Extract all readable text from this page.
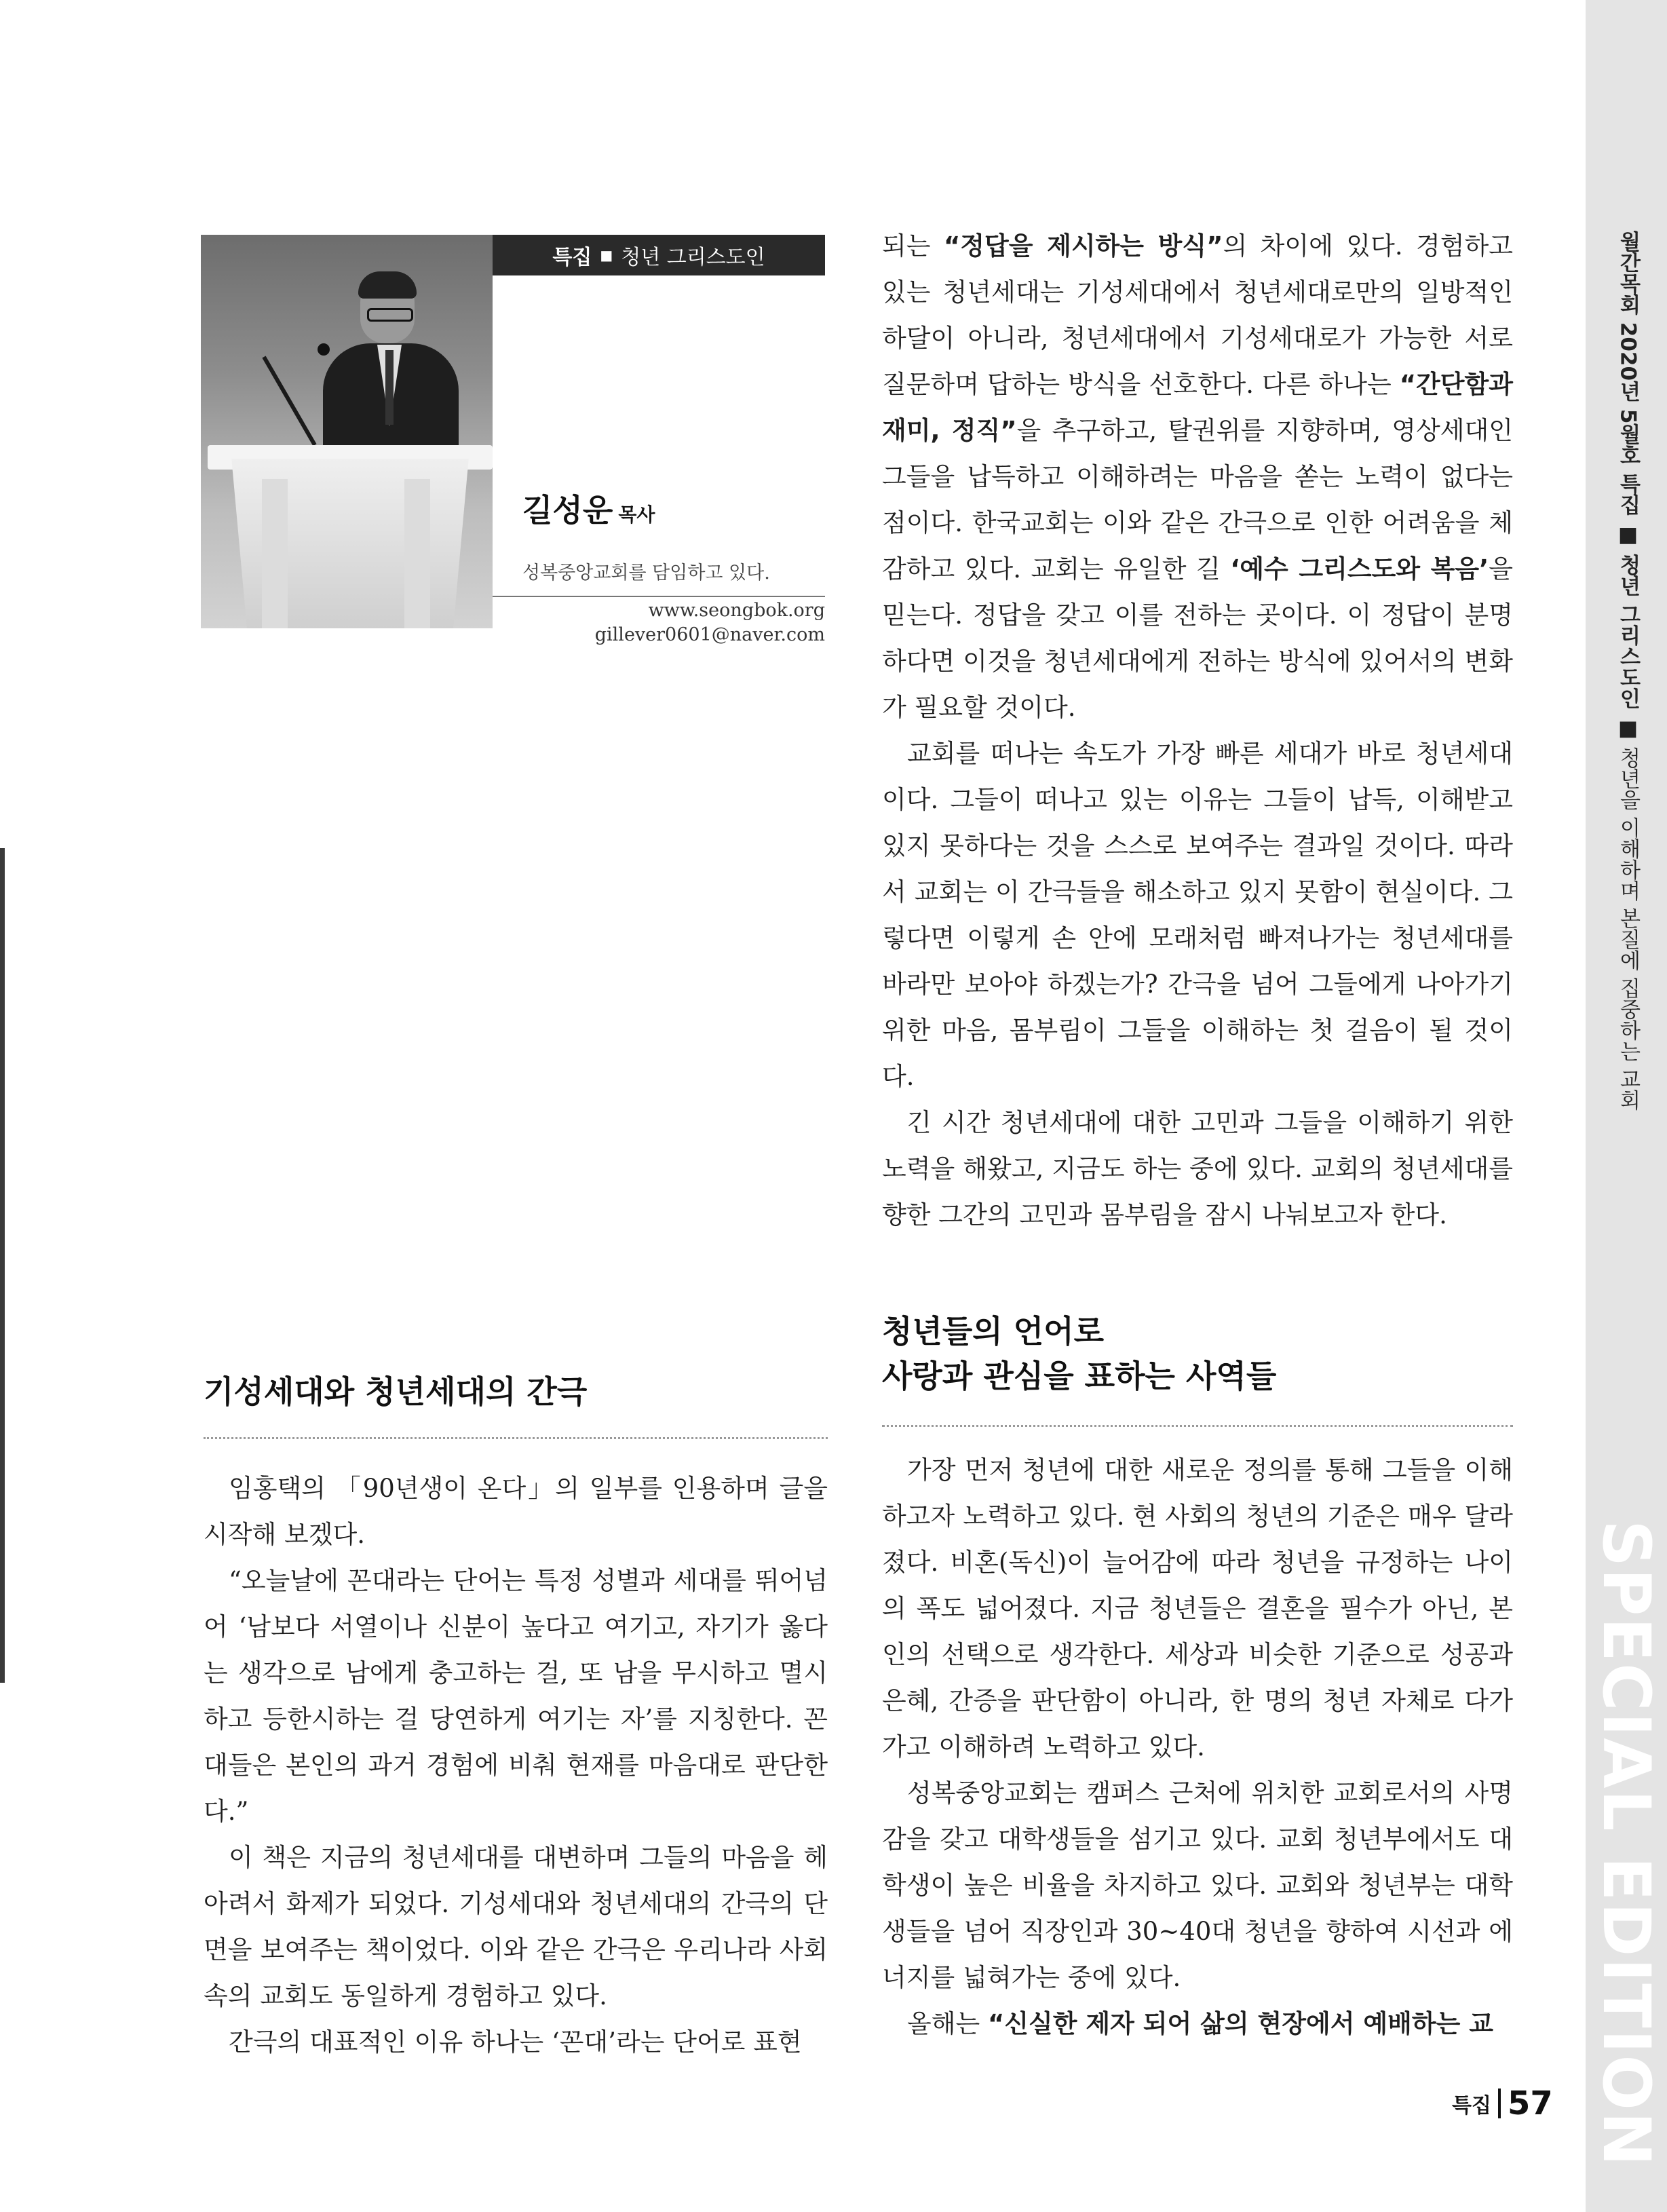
월간목회 2020년 5월호 특집 ■ 청년 그리스도인 ■ 청년을 이해하며 본질에 집중하는 교회
SPECIAL EDITION
특집 ■ 청년 그리스도인
길성운 목사
성복중앙교회를 담임하고 있다.
www.seongbok.org
gillever0601@naver.com

되는 “정답을 제시하는 방식”의 차이에 있다. 경험하고 있는 청년세대는 기성세대에서 청년세대로만의 일방적인 하달이 아니라, 청년세대에서 기성세대로가 가능한 서로 질문하며 답하는 방식을 선호한다. 다른 하나는 “간단함과 재미, 정직”을 추구하고, 탈권위를 지향하며, 영상세대인 그들을 납득하고 이해하려는 마음을 쏟는 노력이 없다는 점이다. 한국교회는 이와 같은 간극으로 인한 어려움을 체감하고 있다. 교회는 유일한 길 ‘예수 그리스도와 복음’을 믿는다. 정답을 갖고 이를 전하는 곳이다. 이 정답이 분명하다면 이것을 청년세대에게 전하는 방식에 있어서의 변화가 필요할 것이다.

교회를 떠나는 속도가 가장 빠른 세대가 바로 청년세대이다. 그들이 떠나고 있는 이유는 그들이 납득, 이해받고 있지 못하다는 것을 스스로 보여주는 결과일 것이다. 따라서 교회는 이 간극들을 해소하고 있지 못함이 현실이다. 그렇다면 이렇게 손 안에 모래처럼 빠져나가는 청년세대를 바라만 보아야 하겠는가? 간극을 넘어 그들에게 나아가기 위한 마음, 몸부림이 그들을 이해하는 첫 걸음이 될 것이다.

긴 시간 청년세대에 대한 고민과 그들을 이해하기 위한 노력을 해왔고, 지금도 하는 중에 있다. 교회의 청년세대를 향한 그간의 고민과 몸부림을 잠시 나눠보고자 한다.

기성세대와 청년세대의 간극

임홍택의 「90년생이 온다」의 일부를 인용하며 글을 시작해 보겠다.

“오늘날에 꼰대라는 단어는 특정 성별과 세대를 뛰어넘어 ‘남보다 서열이나 신분이 높다고 여기고, 자기가 옳다는 생각으로 남에게 충고하는 걸, 또 남을 무시하고 멸시하고 등한시하는 걸 당연하게 여기는 자’를 지칭한다. 꼰대들은 본인의 과거 경험에 비춰 현재를 마음대로 판단한다.”

이 책은 지금의 청년세대를 대변하며 그들의 마음을 헤아려서 화제가 되었다. 기성세대와 청년세대의 간극의 단면을 보여주는 책이었다. 이와 같은 간극은 우리나라 사회 속의 교회도 동일하게 경험하고 있다.

간극의 대표적인 이유 하나는 ‘꼰대’라는 단어로 표현

청년들의 언어로
사랑과 관심을 표하는 사역들

가장 먼저 청년에 대한 새로운 정의를 통해 그들을 이해하고자 노력하고 있다. 현 사회의 청년의 기준은 매우 달라졌다. 비혼(독신)이 늘어감에 따라 청년을 규정하는 나이의 폭도 넓어졌다. 지금 청년들은 결혼을 필수가 아닌, 본인의 선택으로 생각한다. 세상과 비슷한 기준으로 성공과 은혜, 간증을 판단함이 아니라, 한 명의 청년 자체로 다가가고 이해하려 노력하고 있다.

성복중앙교회는 캠퍼스 근처에 위치한 교회로서의 사명감을 갖고 대학생들을 섬기고 있다. 교회 청년부에서도 대학생이 높은 비율을 차지하고 있다. 교회와 청년부는 대학생들을 넘어 직장인과 30~40대 청년을 향하여 시선과 에너지를 넓혀가는 중에 있다.

올해는 “신실한 제자 되어 삶의 현장에서 예배하는 교

특집 57
